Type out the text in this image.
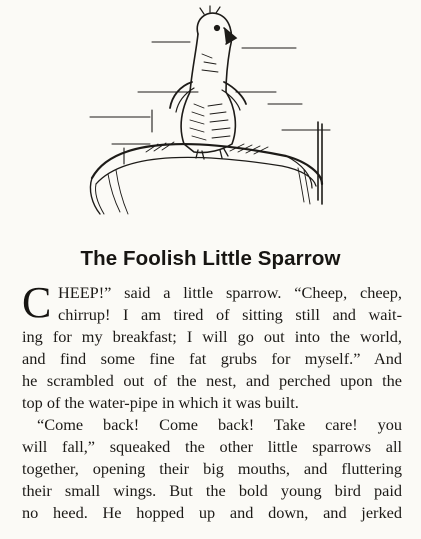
The Foolish Little Sparrow
C HEEP!” said a little sparrow. “Cheep, cheep,
chirrup! I am tired of sitting still and wait-
ing for my breakfast; I will go out into the world,
and find some fine fat grubs for myself.” And
he scrambled out of the nest, and perched upon the
top of the water-pipe in which it was built.
“Come back! Come back! Take care! you
will fall,” squeaked the other little sparrows all
together, opening their big mouths, and fluttering
their small wings. But the bold young bird paid
no heed. He hopped up and down, and jerked
